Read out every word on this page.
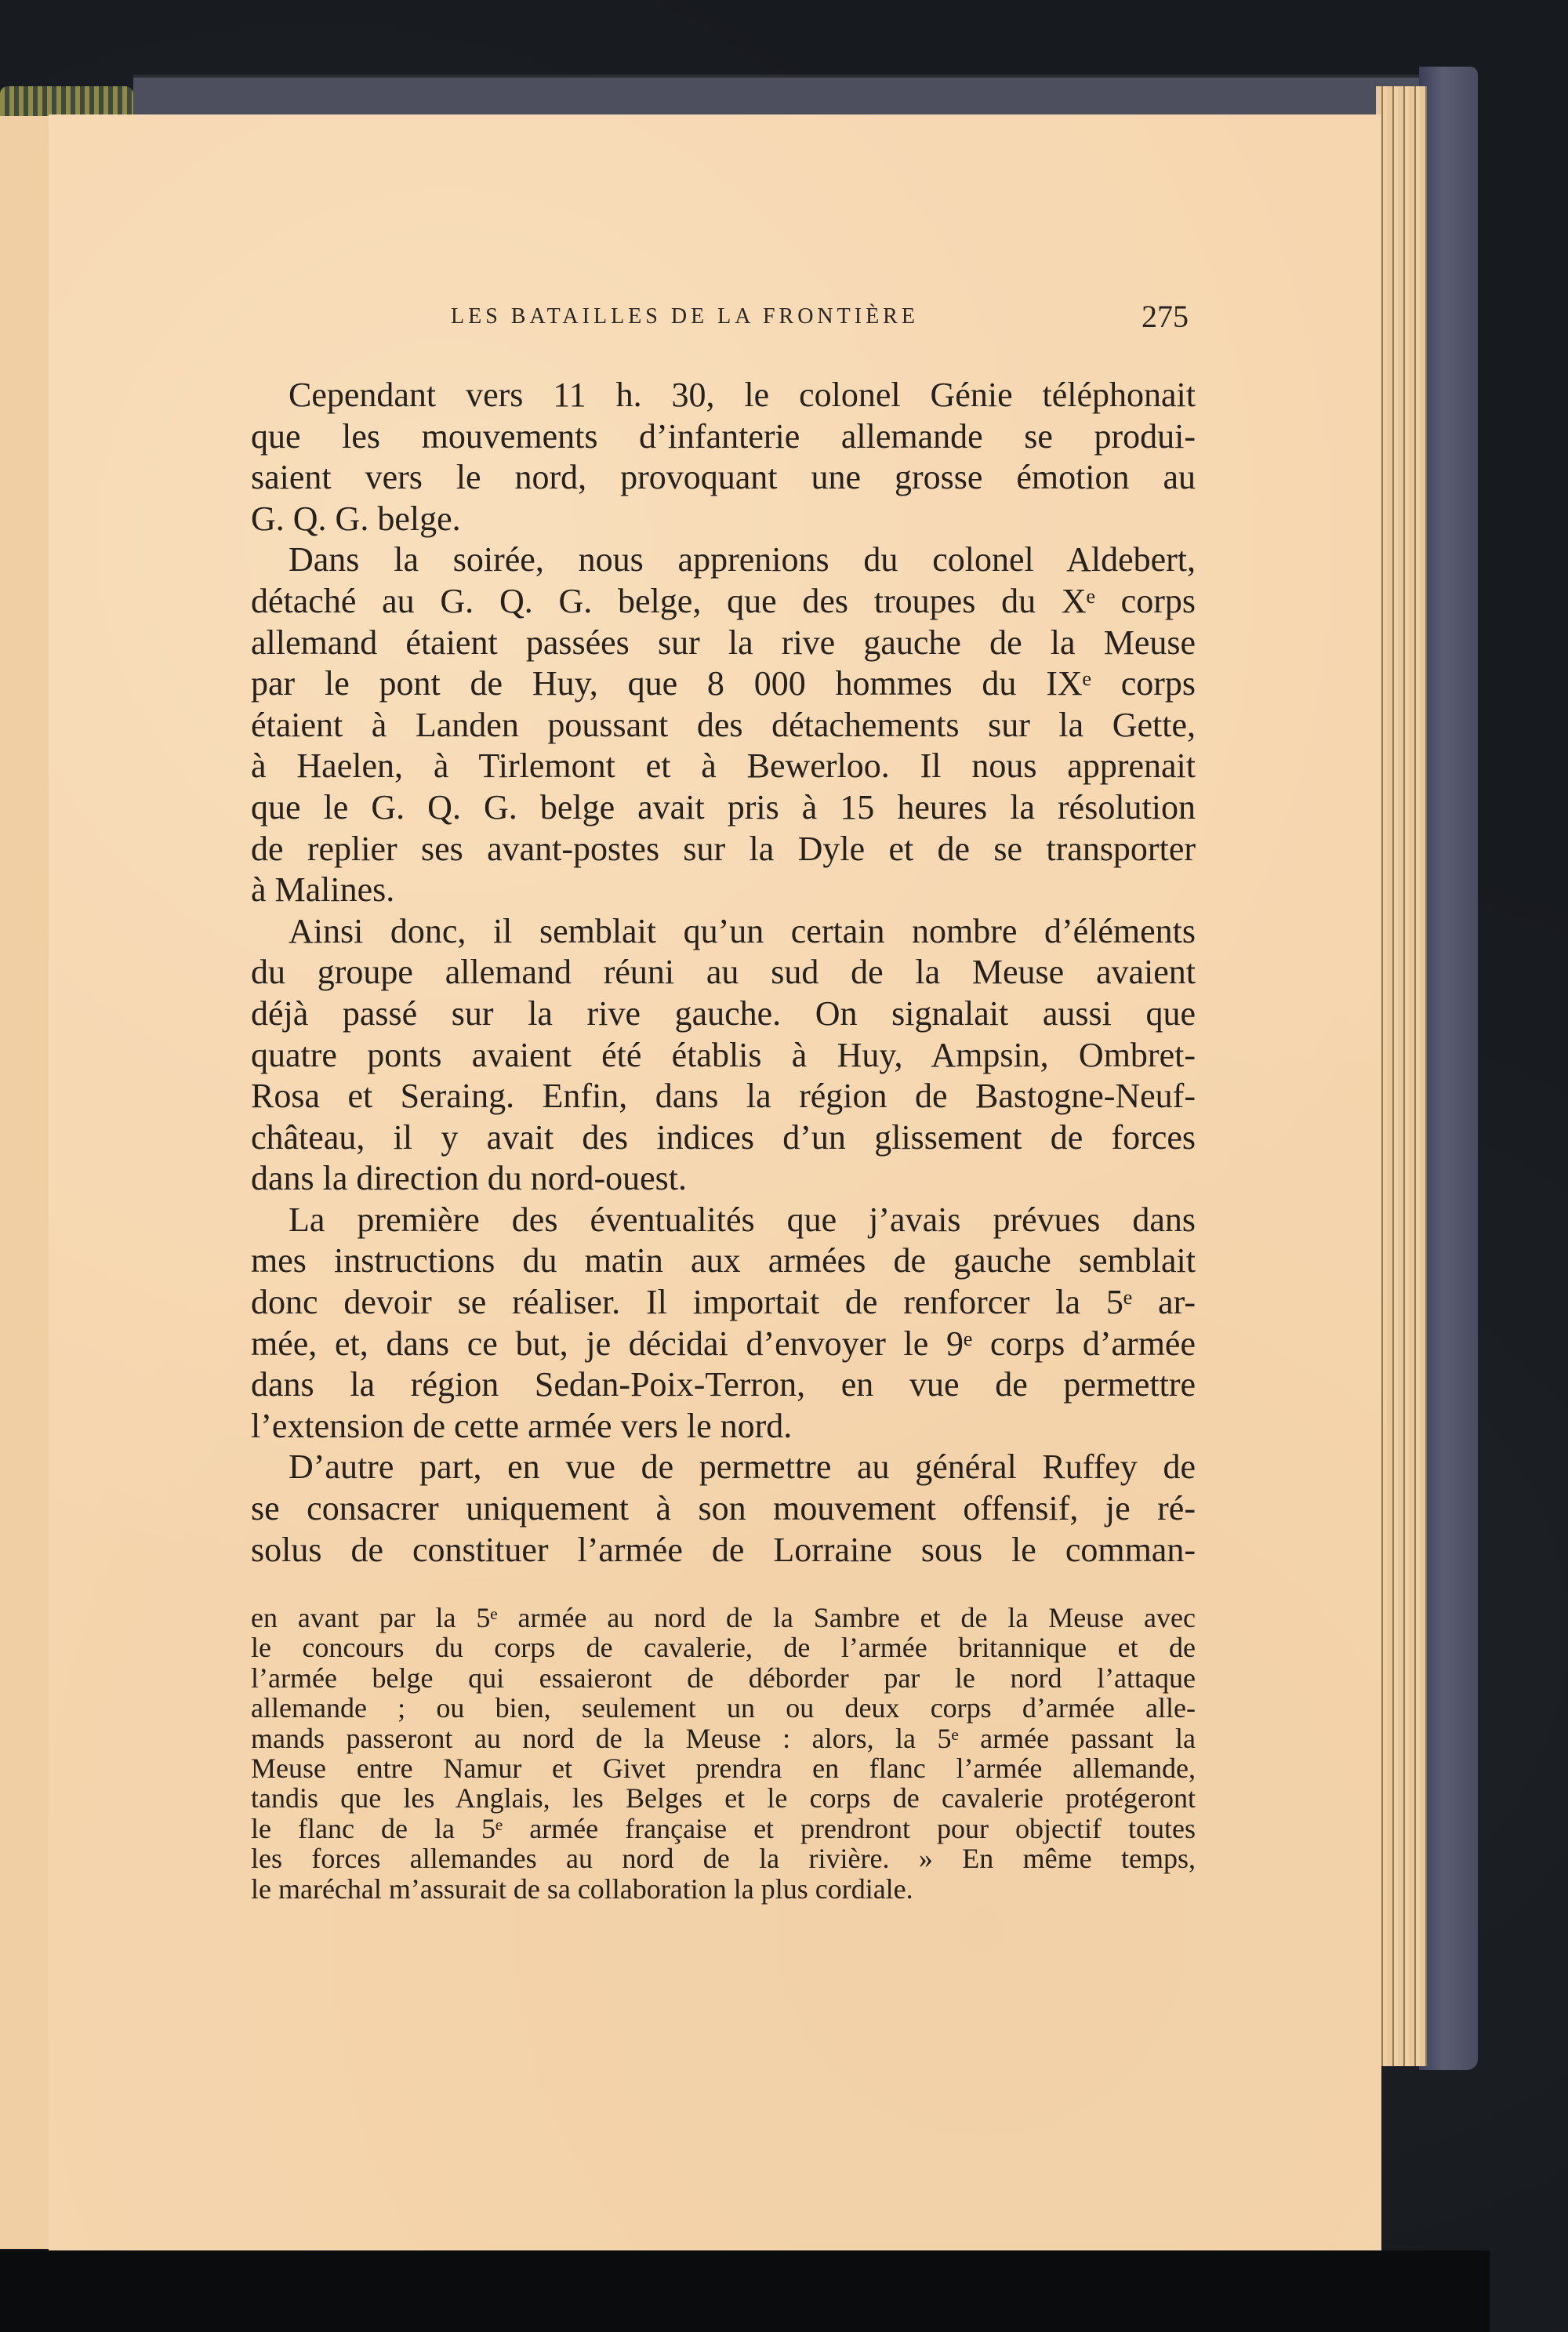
LES BATAILLES DE LA FRONTIÈRE	275
Cependant vers 11 h. 30, le colonel Génie téléphonait
que les mouvements d’infanterie allemande se produi-
saient vers le nord, provoquant une grosse émotion au
G. Q. G. belge.
Dans la soirée, nous apprenions du colonel Aldebert,
détaché au G. Q. G. belge, que des troupes du Xᵉ corps
allemand étaient passées sur la rive gauche de la Meuse
par le pont de Huy, que 8 000 hommes du IXᵉ corps
étaient à Landen poussant des détachements sur la Gette,
à Haelen, à Tirlemont et à Bewerloo. Il nous apprenait
que le G. Q. G. belge avait pris à 15 heures la résolution
de replier ses avant-postes sur la Dyle et de se transporter
à Malines.
Ainsi donc, il semblait qu’un certain nombre d’éléments
du groupe allemand réuni au sud de la Meuse avaient
déjà passé sur la rive gauche. On signalait aussi que
quatre ponts avaient été établis à Huy, Ampsin, Ombret-
Rosa et Seraing. Enfin, dans la région de Bastogne-Neuf-
château, il y avait des indices d’un glissement de forces
dans la direction du nord-ouest.
La première des éventualités que j’avais prévues dans
mes instructions du matin aux armées de gauche semblait
donc devoir se réaliser. Il importait de renforcer la 5ᵉ ar-
mée, et, dans ce but, je décidai d’envoyer le 9ᵉ corps d’armée
dans la région Sedan-Poix-Terron, en vue de permettre
l’extension de cette armée vers le nord.
D’autre part, en vue de permettre au général Ruffey de
se consacrer uniquement à son mouvement offensif, je ré-
solus de constituer l’armée de Lorraine sous le comman-
en avant par la 5ᵉ armée au nord de la Sambre et de la Meuse avec
le concours du corps de cavalerie, de l’armée britannique et de
l’armée belge qui essaieront de déborder par le nord l’attaque
allemande ; ou bien, seulement un ou deux corps d’armée alle-
mands passeront au nord de la Meuse : alors, la 5ᵉ armée passant la
Meuse entre Namur et Givet prendra en flanc l’armée allemande,
tandis que les Anglais, les Belges et le corps de cavalerie protégeront
le flanc de la 5ᵉ armée française et prendront pour objectif toutes
les forces allemandes au nord de la rivière. » En même temps,
le maréchal m’assurait de sa collaboration la plus cordiale.
